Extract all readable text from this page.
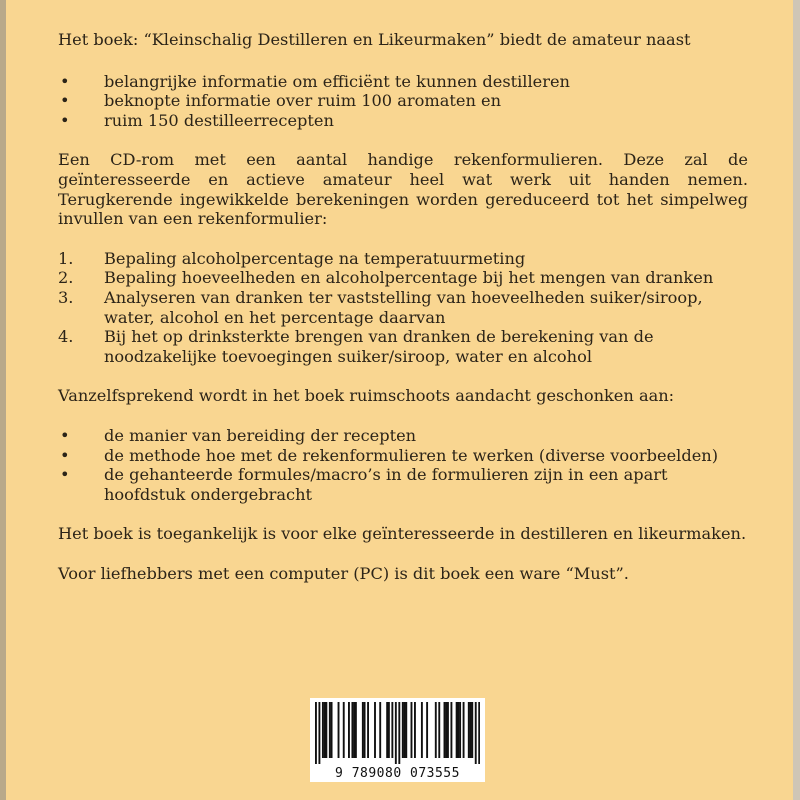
Het boek: “Kleinschalig Destilleren en Likeurmaken” biedt de amateur naast

• belangrijke informatie om efficiënt te kunnen destilleren
• beknopte informatie over ruim 100 aromaten en
• ruim 150 destilleerrecepten

Een CD-rom met een aantal handige rekenformulieren. Deze zal de geïnteresseerde en actieve amateur heel wat werk uit handen nemen. Terugkerende ingewikkelde berekeningen worden gereduceerd tot het simpelweg invullen van een rekenformulier:

1. Bepaling alcoholpercentage na temperatuurmeting
2. Bepaling hoeveelheden en alcoholpercentage bij het mengen van dranken
3. Analyseren van dranken ter vaststelling van hoeveelheden suiker/siroop, water, alcohol en het percentage daarvan
4. Bij het op drinksterkte brengen van dranken de berekening van de noodzakelijke toevoegingen suiker/siroop, water en alcohol

Vanzelfsprekend wordt in het boek ruimschoots aandacht geschonken aan:

• de manier van bereiding der recepten
• de methode hoe met de rekenformulieren te werken (diverse voorbeelden)
• de gehanteerde formules/macro’s in de formulieren zijn in een apart hoofdstuk ondergebracht

Het boek is toegankelijk is voor elke geïnteresseerde in destilleren en likeurmaken.

Voor liefhebbers met een computer (PC) is dit boek een ware “Must”.

9 789080 073555
